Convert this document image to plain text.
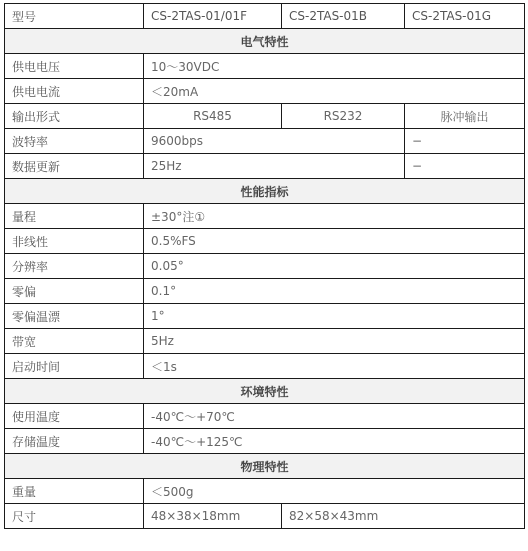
型号	CS-2TAS-01/01F	CS-2TAS-01B	CS-2TAS-01G
电气特性			
供电电压	10～30VDC		
供电电流	＜20mA		
输出形式	RS485	RS232	脉冲输出
波特率	9600bps		−
数据更新	25Hz		−
性能指标			
量程	±30°注①		
非线性	0.5%FS		
分辨率	0.05°		
零偏	0.1°		
零偏温漂	1°		
带宽	5Hz		
启动时间	＜1s		
环境特性			
使用温度	-40℃～+70℃		
存储温度	-40℃～+125℃		
物理特性			
重量	＜500g		
尺寸	48×38×18mm	82×58×43mm	
